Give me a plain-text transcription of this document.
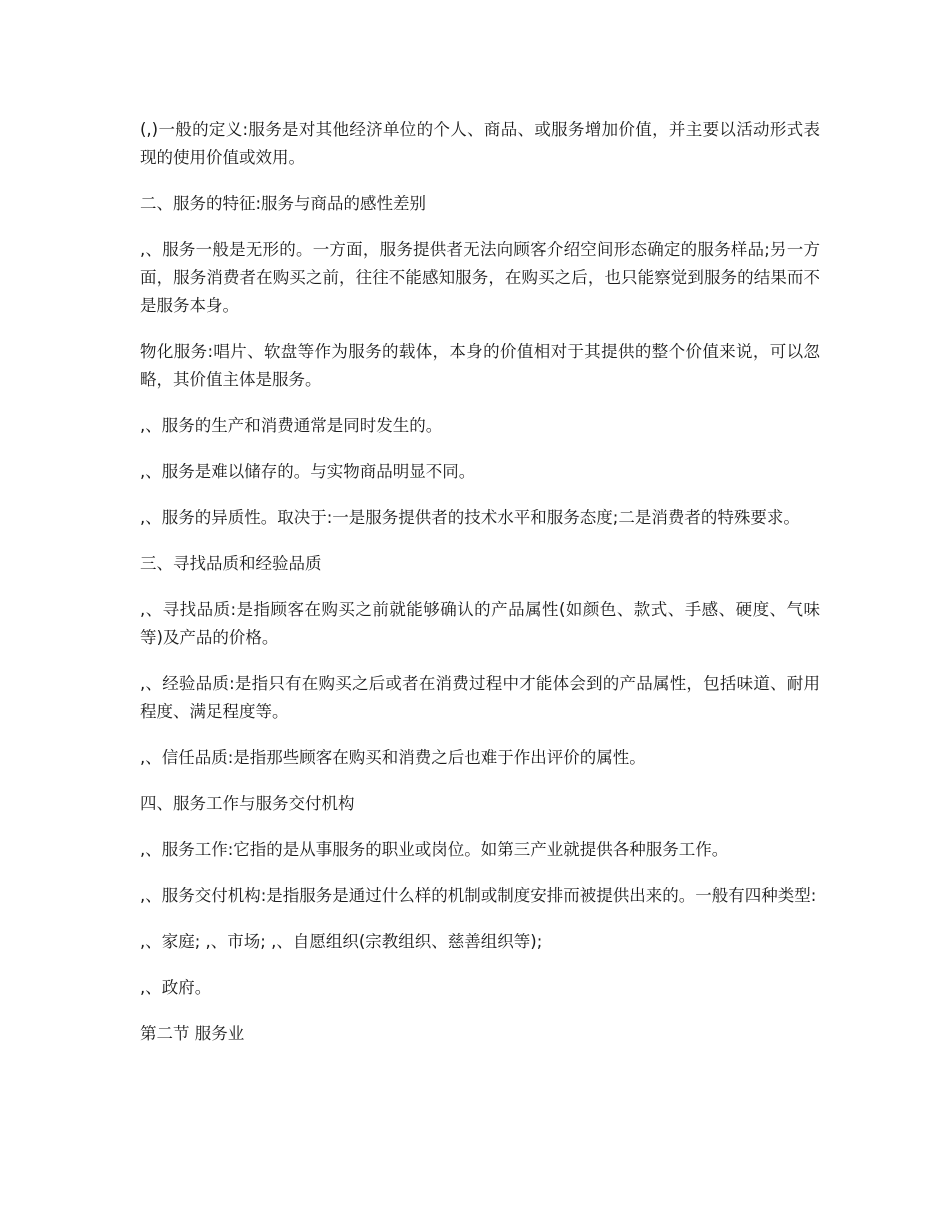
(,)一般的定义:服务是对其他经济单位的个人、商品、或服务增加价值，并主要以活动形式表现的使用价值或效用。

二、服务的特征:服务与商品的感性差别

,、服务一般是无形的。一方面，服务提供者无法向顾客介绍空间形态确定的服务样品;另一方面，服务消费者在购买之前，往往不能感知服务，在购买之后，也只能察觉到服务的结果而不是服务本身。

物化服务:唱片、软盘等作为服务的载体，本身的价值相对于其提供的整个价值来说，可以忽略，其价值主体是服务。

,、服务的生产和消费通常是同时发生的。

,、服务是难以储存的。与实物商品明显不同。

,、服务的异质性。取决于:一是服务提供者的技术水平和服务态度;二是消费者的特殊要求。

三、寻找品质和经验品质

,、寻找品质:是指顾客在购买之前就能够确认的产品属性(如颜色、款式、手感、硬度、气味等)及产品的价格。

,、经验品质:是指只有在购买之后或者在消费过程中才能体会到的产品属性，包括味道、耐用程度、满足程度等。

,、信任品质:是指那些顾客在购买和消费之后也难于作出评价的属性。

四、服务工作与服务交付机构

,、服务工作:它指的是从事服务的职业或岗位。如第三产业就提供各种服务工作。

,、服务交付机构:是指服务是通过什么样的机制或制度安排而被提供出来的。一般有四种类型:

,、家庭; ,、市场; ,、自愿组织(宗教组织、慈善组织等);

,、政府。

第二节 服务业
